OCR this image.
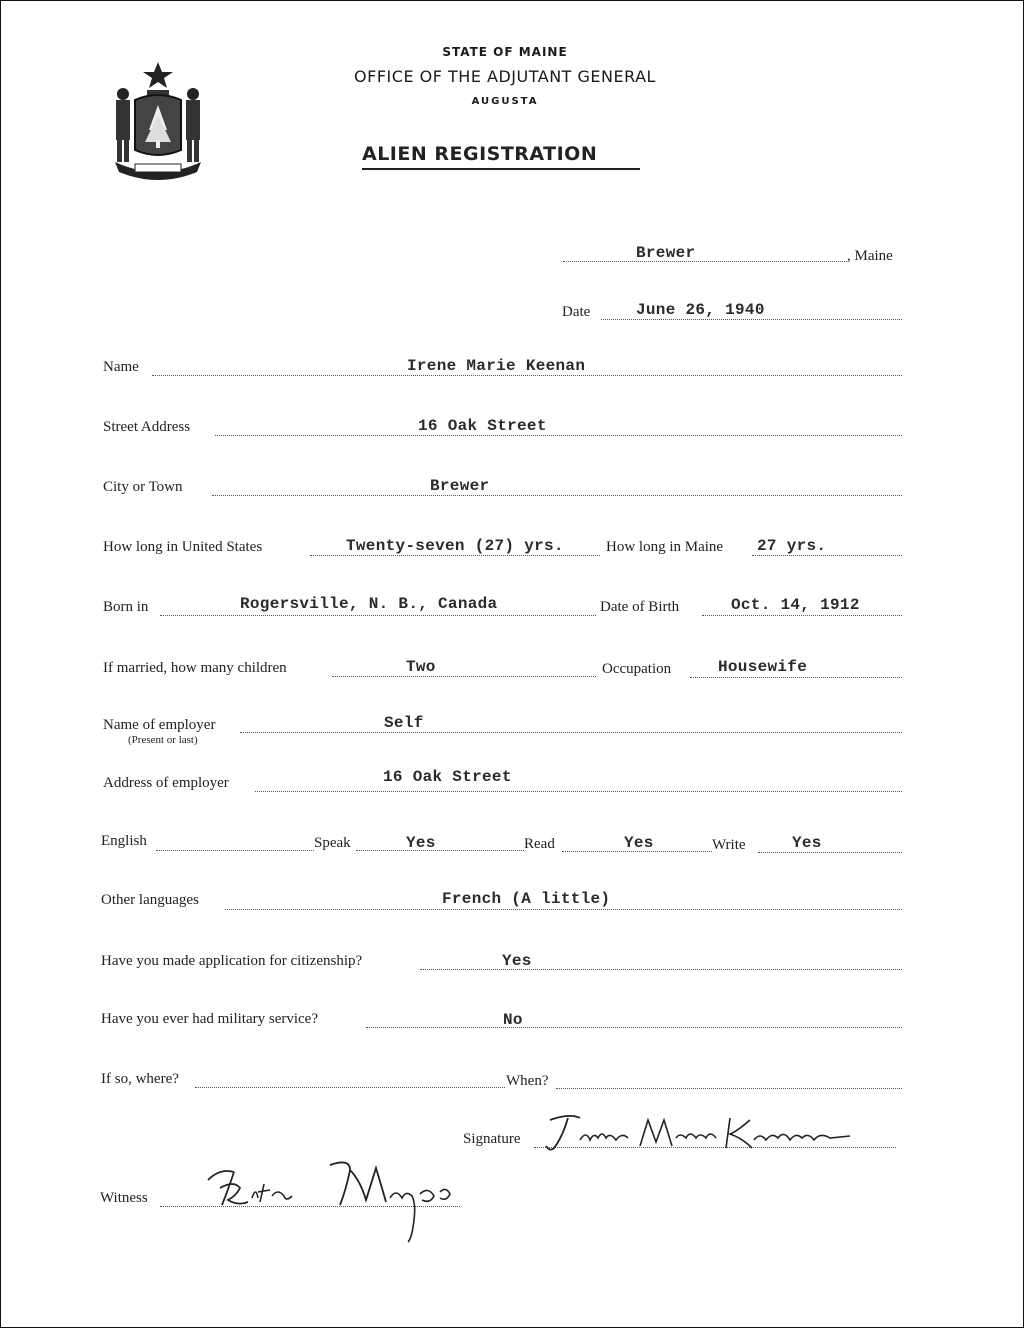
STATE OF MAINE
OFFICE OF THE ADJUTANT GENERAL
AUGUSTA
ALIEN REGISTRATION
Brewer	, Maine
Date	June 26, 1940
Name	Irene Marie Keenan
Street Address	16 Oak Street
City or Town	Brewer
How long in United States	Twenty-seven (27) yrs.	How long in Maine 27 yrs.
Born in	Rogersville, N. B., Canada	Date of Birth	Oct. 14, 1912
If married, how many children	Two	Occupation	Housewife
Name of employer
(Present or last)
Self
Address of employer	16 Oak Street
English	Speak	Yes	Read	Yes	Write	Yes
Other languages	French (A little)
Have you made application for citizenship?	Yes
Have you ever had military service?	No
If so, where?	When?
Signature
Witness
